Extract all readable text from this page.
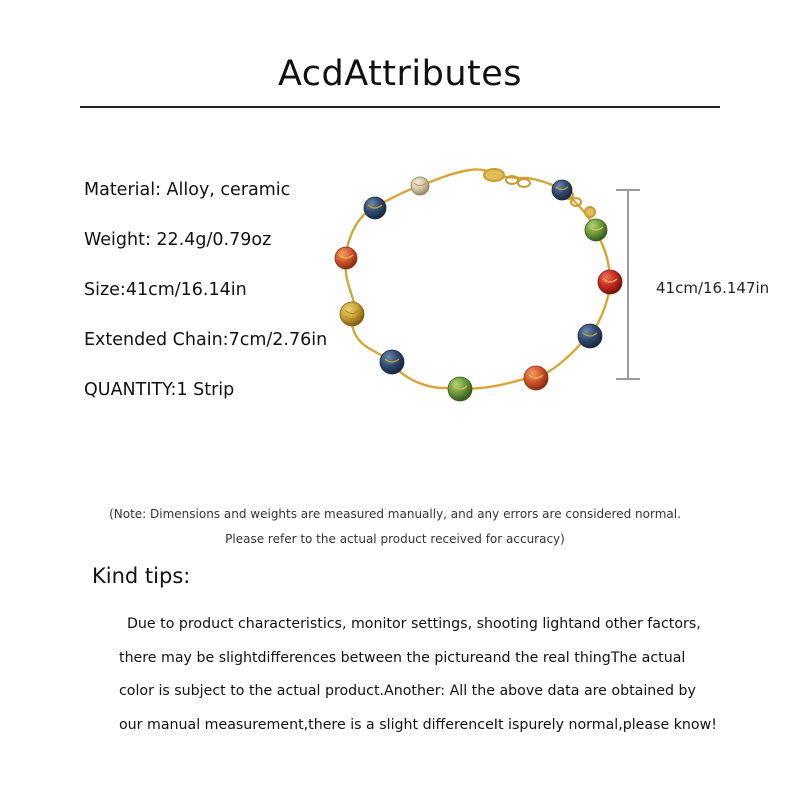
AcdAttributes
Material: Alloy, ceramic
Weight: 22.4g/0.79oz
Size:41cm/16.14in
Extended Chain:7cm/2.76in
QUANTITY:1 Strip
41cm/16.147in
(Note: Dimensions and weights are measured manually, and any errors are considered normal.
Please refer to the actual product received for accuracy)
Kind tips:
Due to product characteristics, monitor settings, shooting lightand other factors,
there may be slightdifferences between the pictureand the real thingThe actual
color is subject to the actual product.Another: All the above data are obtained by
our manual measurement,there is a slight differenceIt ispurely normal,please know!
